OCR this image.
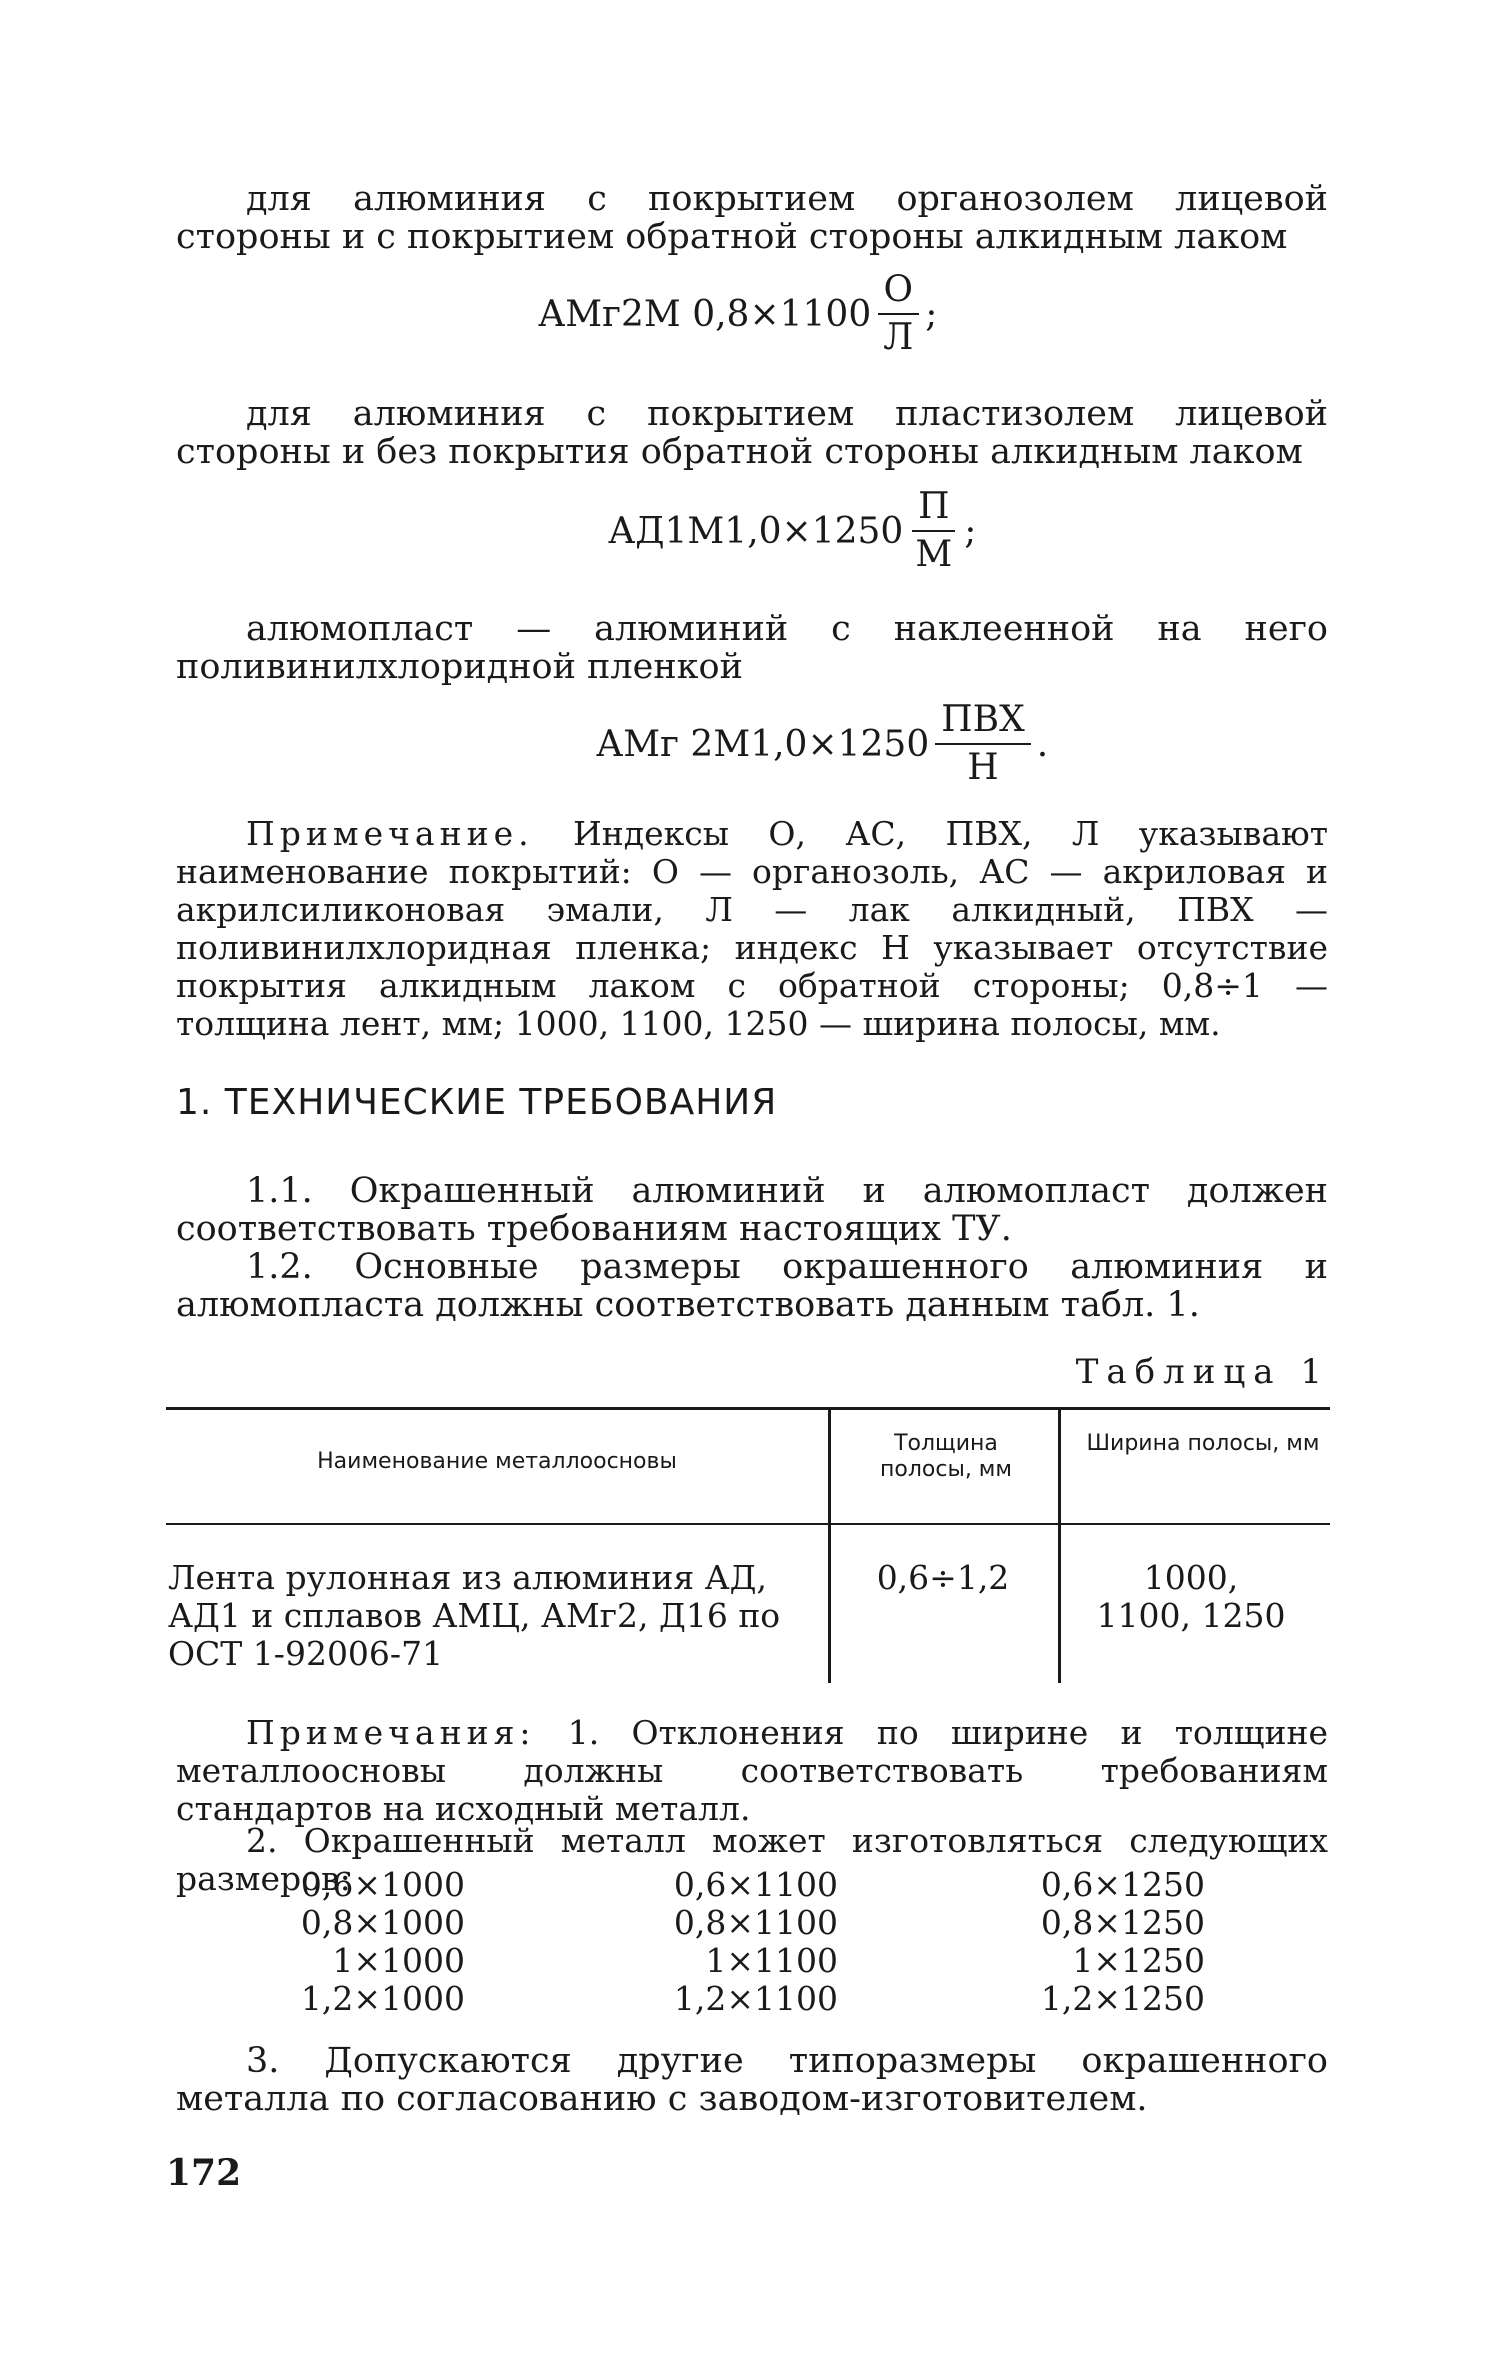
для алюминия с покрытием органозолем лицевой стороны и с покрытием обратной стороны алкидным лаком

АМг2М $0,8\times 1100 \frac{О}{Л}$ ;

для алюминия с покрытием пластизолем лицевой стороны и без покрытия обратной стороны алкидным лаком

$АД1М1,0\times 1250 \frac{П}{М}$ ;

алюмопласт — алюминий с наклеенной на него поливинилхлоридной пленкой

АМг $2М1,0\times 1250 \frac{\text{ПВХ}}{Н}$ .

Примечание. Индексы О, АС, ПВХ, Л указывают наименование покрытий: О — органозоль, АС — акриловая и акрилсиликоновая эмали, Л — лак алкидный, ПВХ — поливинилхлоридная пленка; индекс Н указывает отсутствие покрытия алкидным лаком с обратной стороны; 0,8÷1 — толщина лент, мм; 1000, 1100, 1250 — ширина полосы, мм.

1. ТЕХНИЧЕСКИЕ ТРЕБОВАНИЯ

1.1. Окрашенный алюминий и алюмопласт должен соответствовать требованиям настоящих ТУ.

1.2. Основные размеры окрашенного алюминия и алюмопласта должны соответствовать данным табл. 1.

Таблица 1
Наименование металлоосновы
Толщина полосы, мм
Ширина полосы, мм
Лента рулонная из алюминия АД, АД1 и сплавов АМЦ, АМг2, Д16 по ОСТ 1-92006-71
0,6÷1,2	1000, 1100, 1250

Примечания: 1. Отклонения по ширине и толщине металлоосновы должны соответствовать требованиям стандартов на исходный металл.

2. Окрашенный металл может изготовляться следующих размеров:

0,6×1000
0,8×1000
1×1000
1,2×1000
0,6×1100
0,8×1100
1×1100
1,2×1100
0,6×1250
0,8×1250
1×1250
1,2×1250

3. Допускаются другие типоразмеры окрашенного металла по согласованию с заводом-изготовителем.

172
